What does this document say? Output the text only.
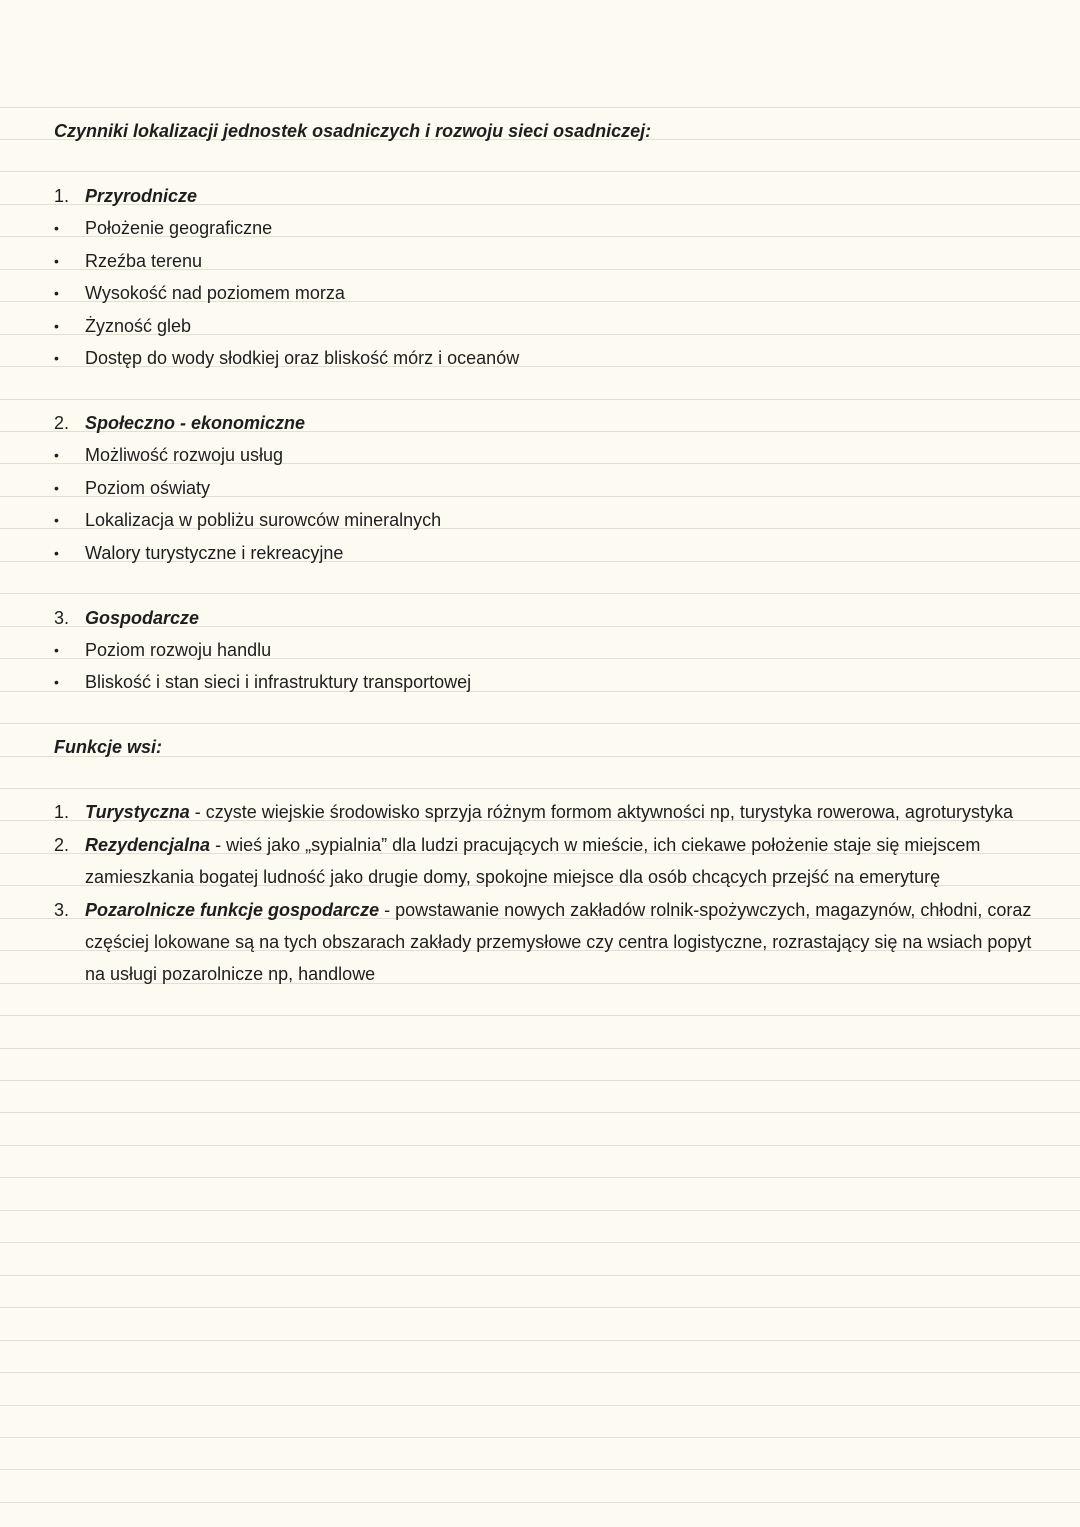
Czynniki lokalizacji jednostek osadniczych i rozwoju sieci osadniczej:
1. Przyrodnicze
•	Położenie geograficzne
•	Rzeźba terenu
•	Wysokość nad poziomem morza
•	Żyzność gleb
•	Dostęp do wody słodkiej oraz bliskość mórz i oceanów
2. Społeczno - ekonomiczne
•	Możliwość rozwoju usług
•	Poziom oświaty
•	Lokalizacja w pobliżu surowców mineralnych
•	Walory turystyczne i rekreacyjne
3. Gospodarcze
•	Poziom rozwoju handlu
•	Bliskość i stan sieci i infrastruktury transportowej
Funkcje wsi:
1. Turystyczna - czyste wiejskie środowisko sprzyja różnym formom aktywności np, turystyka rowerowa, agroturystyka
2. Rezydencjalna - wieś jako „sypialnia” dla ludzi pracujących w mieście, ich ciekawe położenie staje się miejscem
zamieszkania bogatej ludność jako drugie domy, spokojne miejsce dla osób chcących przejść na emeryturę
3. Pozarolnicze funkcje gospodarcze - powstawanie nowych zakładów rolnik-spożywczych, magazynów, chłodni, coraz
częściej lokowane są na tych obszarach zakłady przemysłowe czy centra logistyczne, rozrastający się na wsiach popyt
na usługi pozarolnicze np, handlowe
